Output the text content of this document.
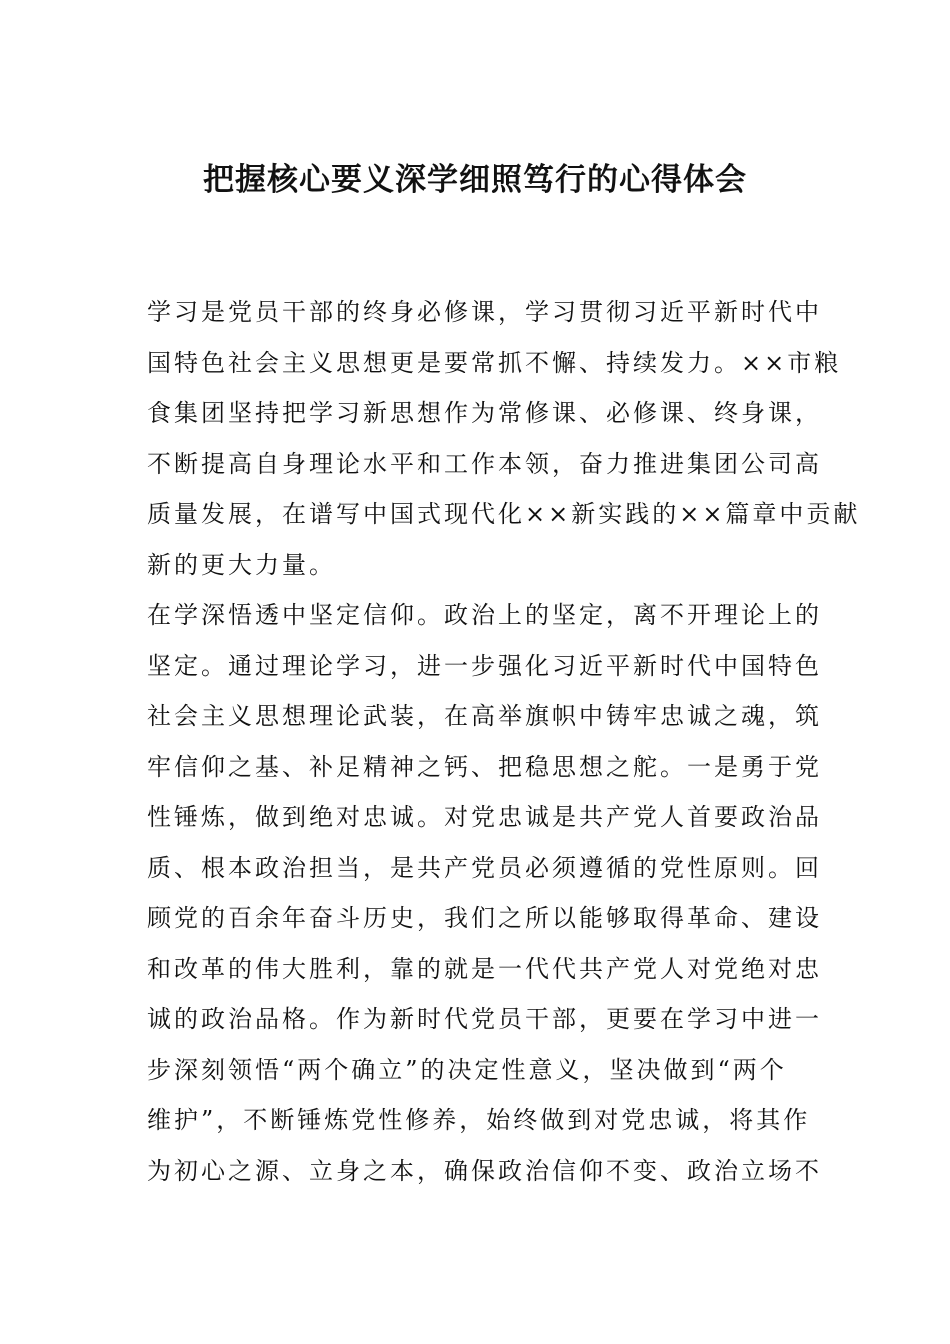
把握核心要义深学细照笃行的心得体会
学习是党员干部的终身必修课，学习贯彻习近平新时代中
国特色社会主义思想更是要常抓不懈、持续发力。××市粮
食集团坚持把学习新思想作为常修课、必修课、终身课，
不断提高自身理论水平和工作本领，奋力推进集团公司高
质量发展，在谱写中国式现代化××新实践的××篇章中贡献
新的更大力量。
在学深悟透中坚定信仰。政治上的坚定，离不开理论上的
坚定。通过理论学习，进一步强化习近平新时代中国特色
社会主义思想理论武装，在高举旗帜中铸牢忠诚之魂，筑
牢信仰之基、补足精神之钙、把稳思想之舵。一是勇于党
性锤炼，做到绝对忠诚。对党忠诚是共产党人首要政治品
质、根本政治担当，是共产党员必须遵循的党性原则。回
顾党的百余年奋斗历史，我们之所以能够取得革命、建设
和改革的伟大胜利，靠的就是一代代共产党人对党绝对忠
诚的政治品格。作为新时代党员干部，更要在学习中进一
步深刻领悟“两个确立”的决定性意义，坚决做到“两个
维护”，不断锤炼党性修养，始终做到对党忠诚，将其作
为初心之源、立身之本，确保政治信仰不变、政治立场不
